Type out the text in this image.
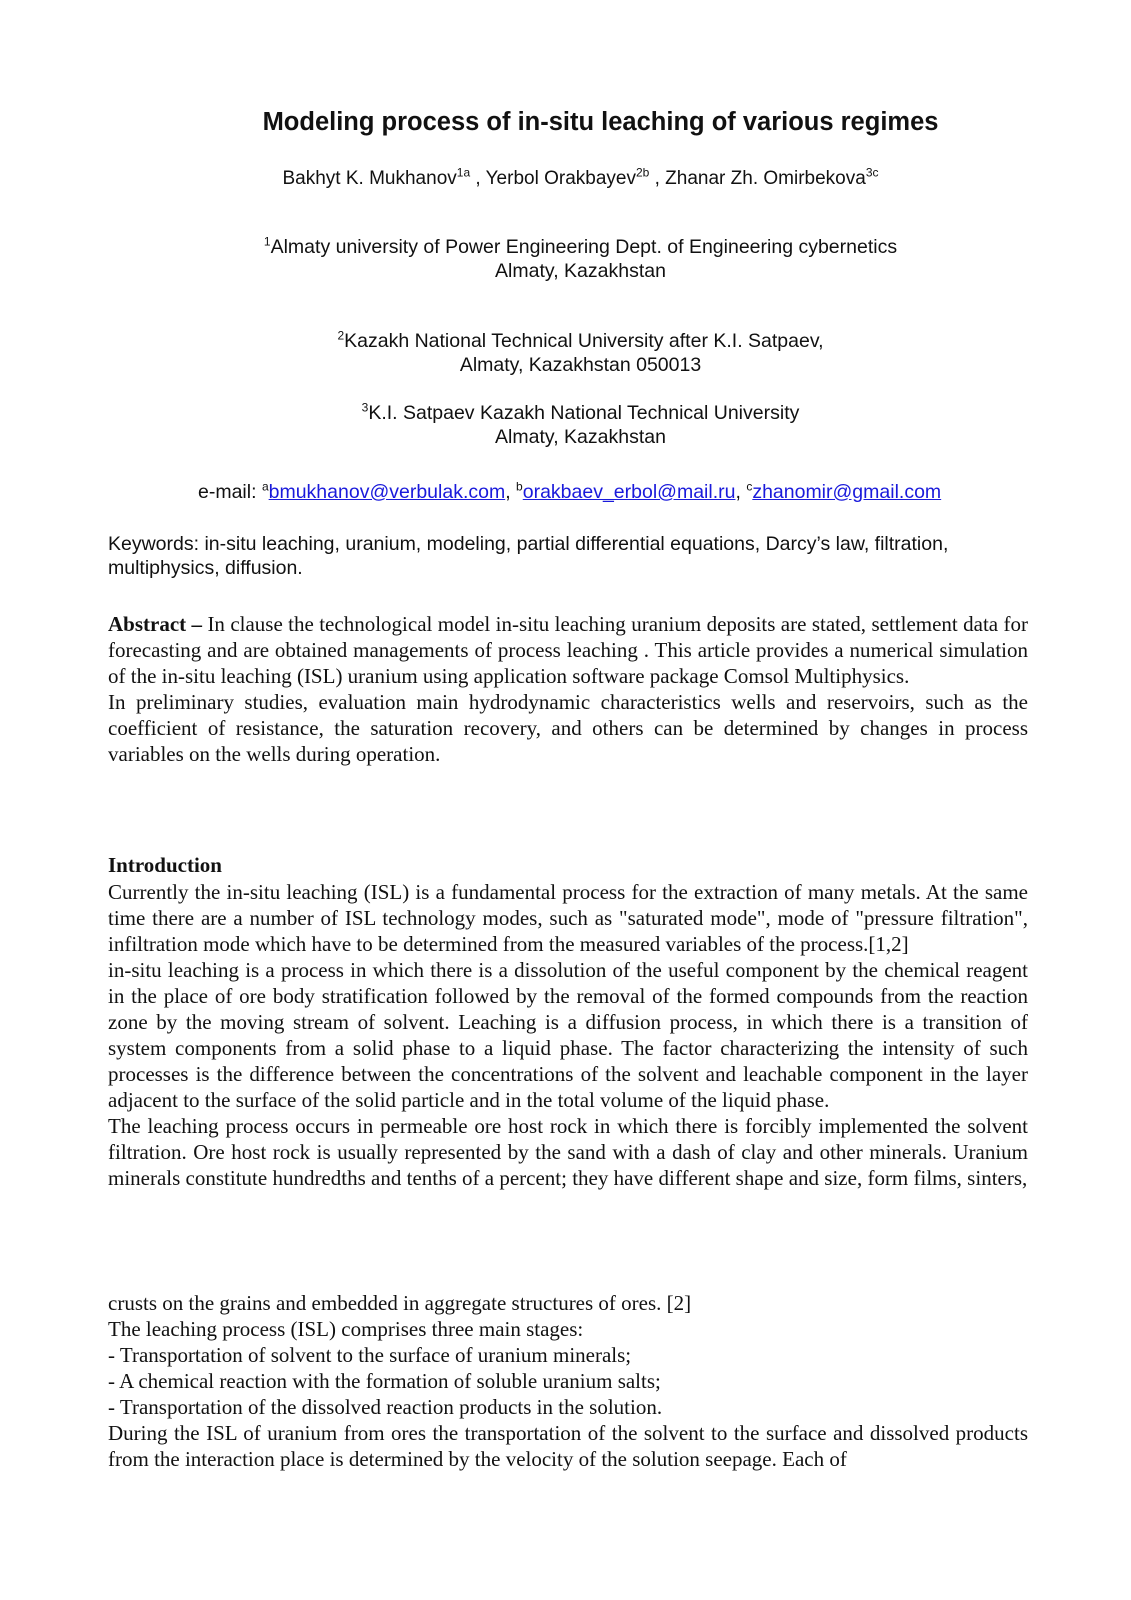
Modeling process of in-situ leaching of various regimes
Bakhyt K. Mukhanov$^{1a}$ , Yerbol Orakbayev$^{2b}$ , Zhanar Zh. Omirbekova$^{3c}$
$^1$Almaty university of Power Engineering Dept. of Engineering cybernetics
Almaty, Kazakhstan
$^2$Kazakh National Technical University after K.I. Satpaev,
Almaty, Kazakhstan 050013
$^3$K.I. Satpaev Kazakh National Technical University
Almaty, Kazakhstan
e-mail: $^a$bmukhanov@verbulak.com, $^b$orakbaev_erbol@mail.ru, $^c$zhanomir@gmail.com
Keywords: in-situ leaching, uranium, modeling, partial differential equations, Darcy’s law, filtration, multiphysics, diffusion.

Abstract – In clause the technological model in-situ leaching uranium deposits are stated, settlement data for forecasting and are obtained managements of process leaching . This article provides a numerical simulation of the in-situ leaching (ISL) uranium using application software package Comsol Multiphysics.

In preliminary studies, evaluation main hydrodynamic characteristics wells and reservoirs, such as the coefficient of resistance, the saturation recovery, and others can be determined by changes in process variables on the wells during operation.

Introduction

Currently the in-situ leaching (ISL) is a fundamental process for the extraction of many metals. At the same time there are a number of ISL technology modes, such as "saturated mode", mode of "pressure filtration", infiltration mode which have to be determined from the measured variables of the process.[1,2]

in-situ leaching is a process in which there is a dissolution of the useful component by the chemical reagent in the place of ore body stratification followed by the removal of the formed compounds from the reaction zone by the moving stream of solvent. Leaching is a diffusion process, in which there is a transition of system components from a solid phase to a liquid phase. The factor characterizing the intensity of such processes is the difference between the concentrations of the solvent and leachable component in the layer adjacent to the surface of the solid particle and in the total volume of the liquid phase.

The leaching process occurs in permeable ore host rock in which there is forcibly implemented the solvent filtration. Ore host rock is usually represented by the sand with a dash of clay and other minerals. Uranium minerals constitute hundredths and tenths of a percent; they have different shape and size, form films, sinters,

crusts on the grains and embedded in aggregate structures of ores. [2]

The leaching process (ISL) comprises three main stages:

- Transportation of solvent to the surface of uranium minerals;

- A chemical reaction with the formation of soluble uranium salts;

- Transportation of the dissolved reaction products in the solution.

During the ISL of uranium from ores the transportation of the solvent to the surface and dissolved products from the interaction place is determined by the velocity of the solution seepage. Each of
